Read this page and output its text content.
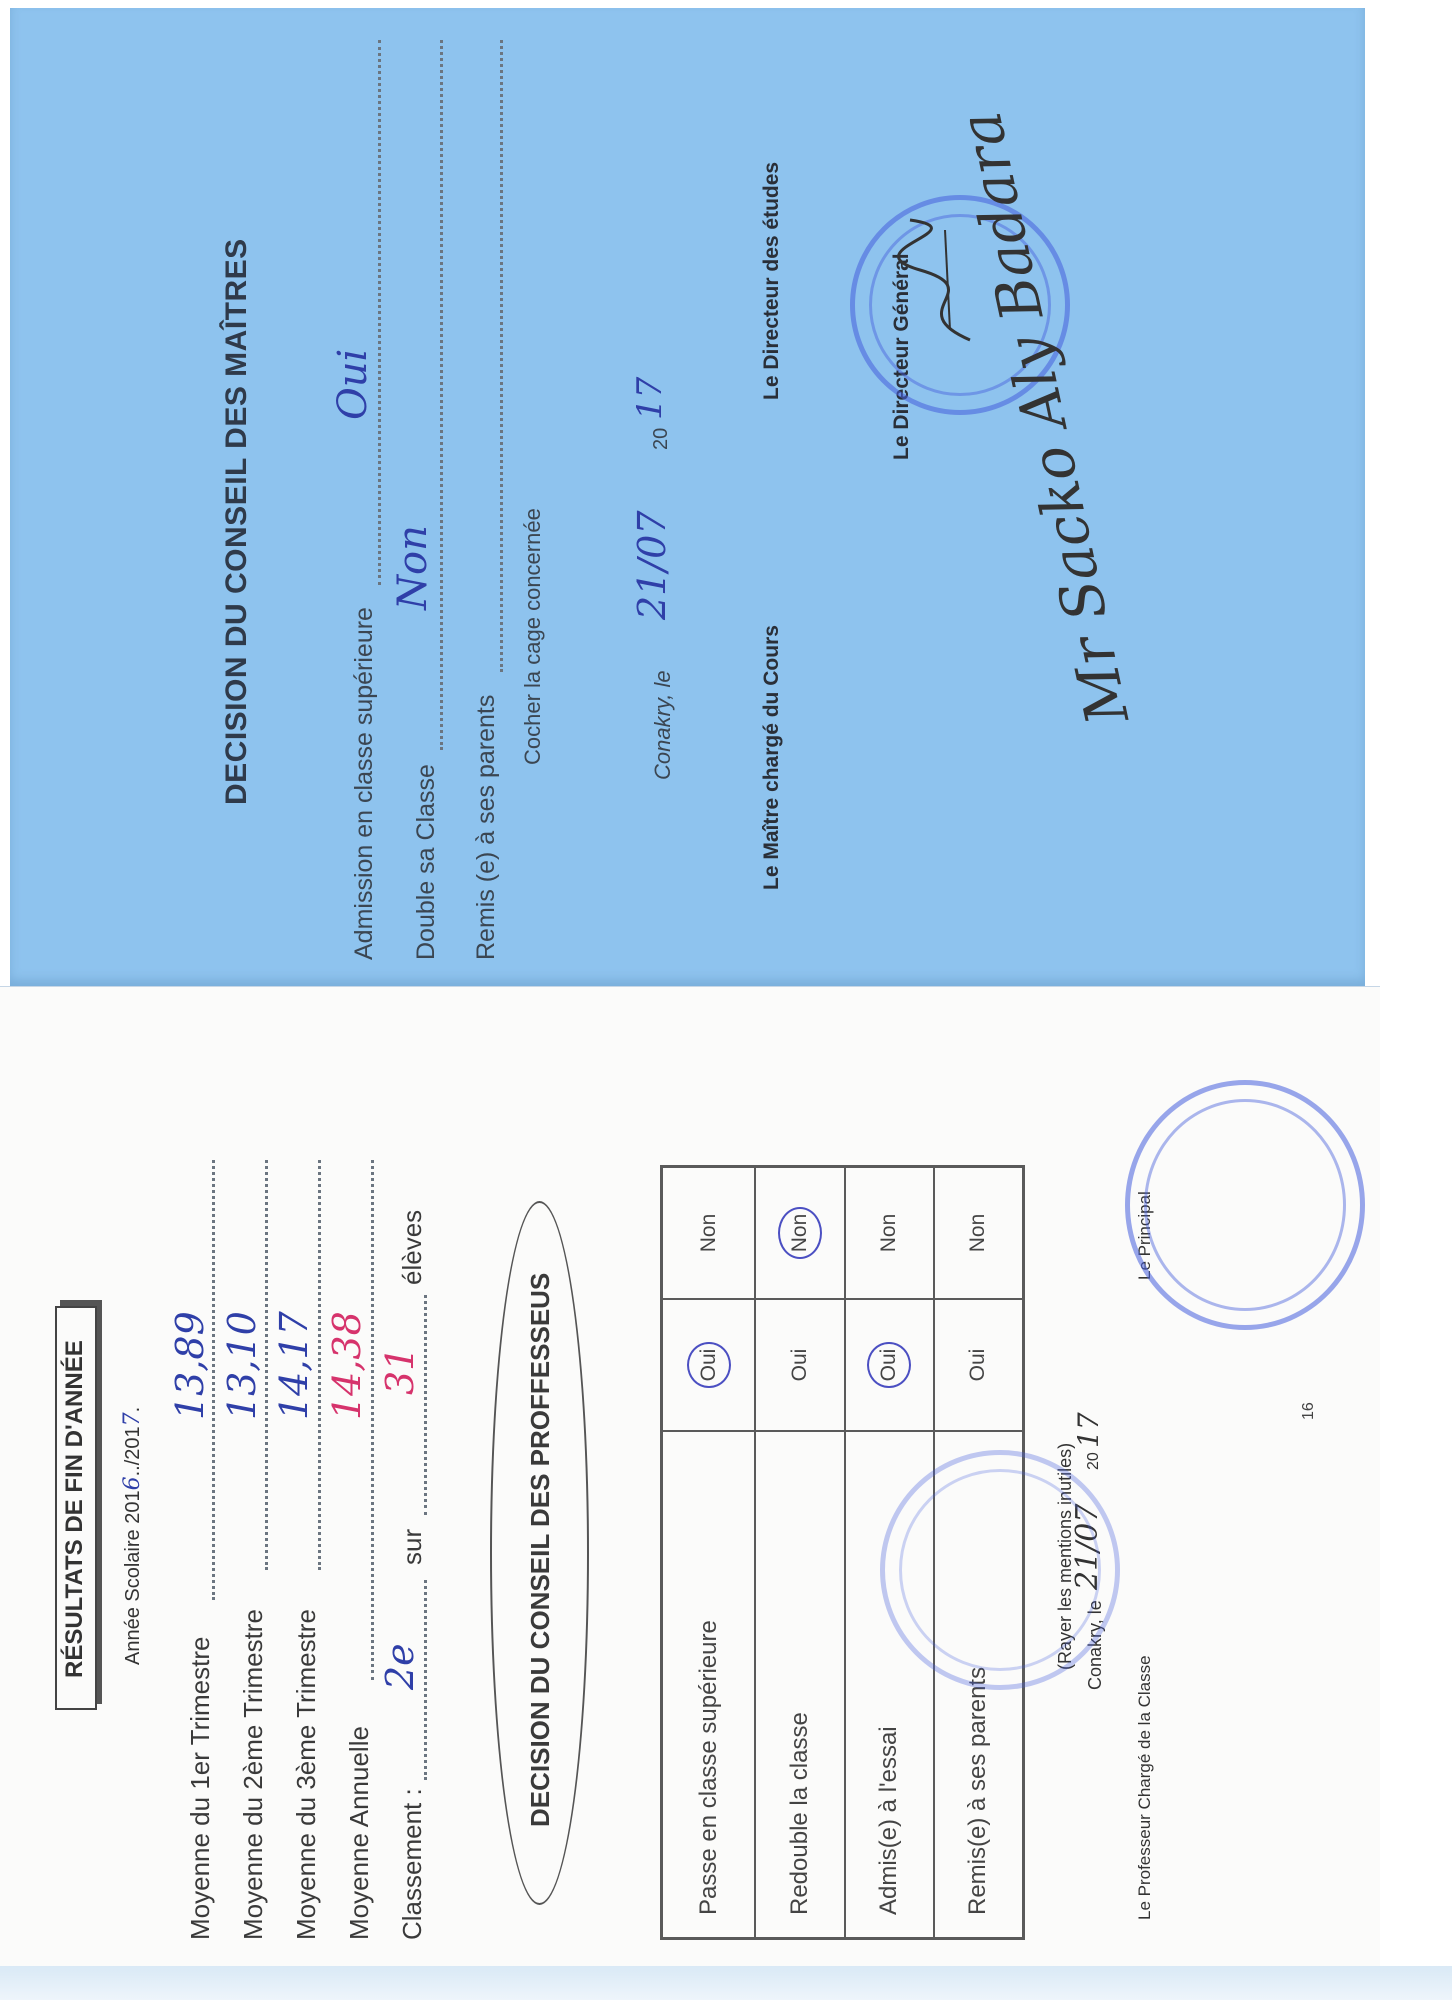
DECISION DU CONSEIL DES MAÎTRES	Admission en classe supérieure
Oui
Double sa Classe
Non
Remis (e) à ses parents
Cocher la cage concernée	Conakry, le
21/07
20
17
Le Maître chargé du Cours
Le Directeur des études	Le Directeur Général Mr Sacko Aly Badara
RÉSULTATS DE FIN D'ANNÉE Année Scolaire 2016../2017.
Moyenne du 1er Trimestre
13,89
Moyenne du 2ème Trimestre
13,10
Moyenne du 3ème Trimestre
14,17
Moyenne Annuelle
14,38
Classement :
2e
sur
31
élèves
DECISION DU CONSEIL DES PROFFESSEUS	Passe en classe supérieure	Oui	Non
Redouble la classe	Oui	Non
Admis(e) à l'essai	Oui	Non
Remis(e) à ses parents	Oui	Non
(Rayer les mentions inutiles) Conakry, le
21/07
20
17
Le Professeur Chargé de la Classe
Le Principal
16
